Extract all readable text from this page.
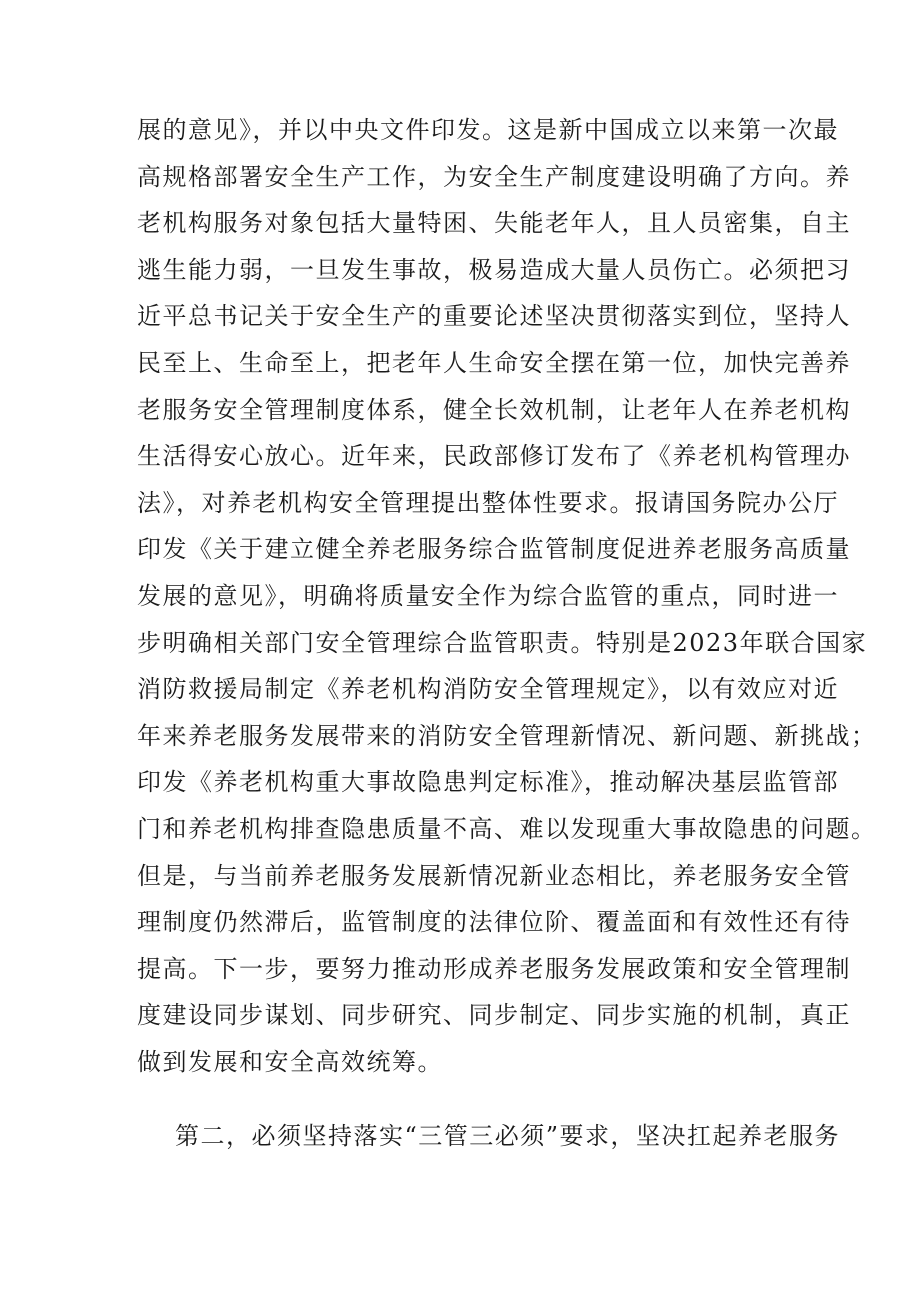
展的意见》，并以中央文件印发。这是新中国成立以来第一次最
高规格部署安全生产工作，为安全生产制度建设明确了方向。养
老机构服务对象包括大量特困、失能老年人，且人员密集，自主
逃生能力弱，一旦发生事故，极易造成大量人员伤亡。必须把习
近平总书记关于安全生产的重要论述坚决贯彻落实到位，坚持人
民至上、生命至上，把老年人生命安全摆在第一位，加快完善养
老服务安全管理制度体系，健全长效机制，让老年人在养老机构
生活得安心放心。近年来，民政部修订发布了《养老机构管理办
法》，对养老机构安全管理提出整体性要求。报请国务院办公厅
印发《关于建立健全养老服务综合监管制度促进养老服务高质量
发展的意见》，明确将质量安全作为综合监管的重点，同时进一
步明确相关部门安全管理综合监管职责。特别是2023年联合国家
消防救援局制定《养老机构消防安全管理规定》，以有效应对近
年来养老服务发展带来的消防安全管理新情况、新问题、新挑战；
印发《养老机构重大事故隐患判定标准》，推动解决基层监管部
门和养老机构排查隐患质量不高、难以发现重大事故隐患的问题。
但是，与当前养老服务发展新情况新业态相比，养老服务安全管
理制度仍然滞后，监管制度的法律位阶、覆盖面和有效性还有待
提高。下一步，要努力推动形成养老服务发展政策和安全管理制
度建设同步谋划、同步研究、同步制定、同步实施的机制，真正
做到发展和安全高效统筹。
第二，必须坚持落实“三管三必须”要求，坚决扛起养老服务
